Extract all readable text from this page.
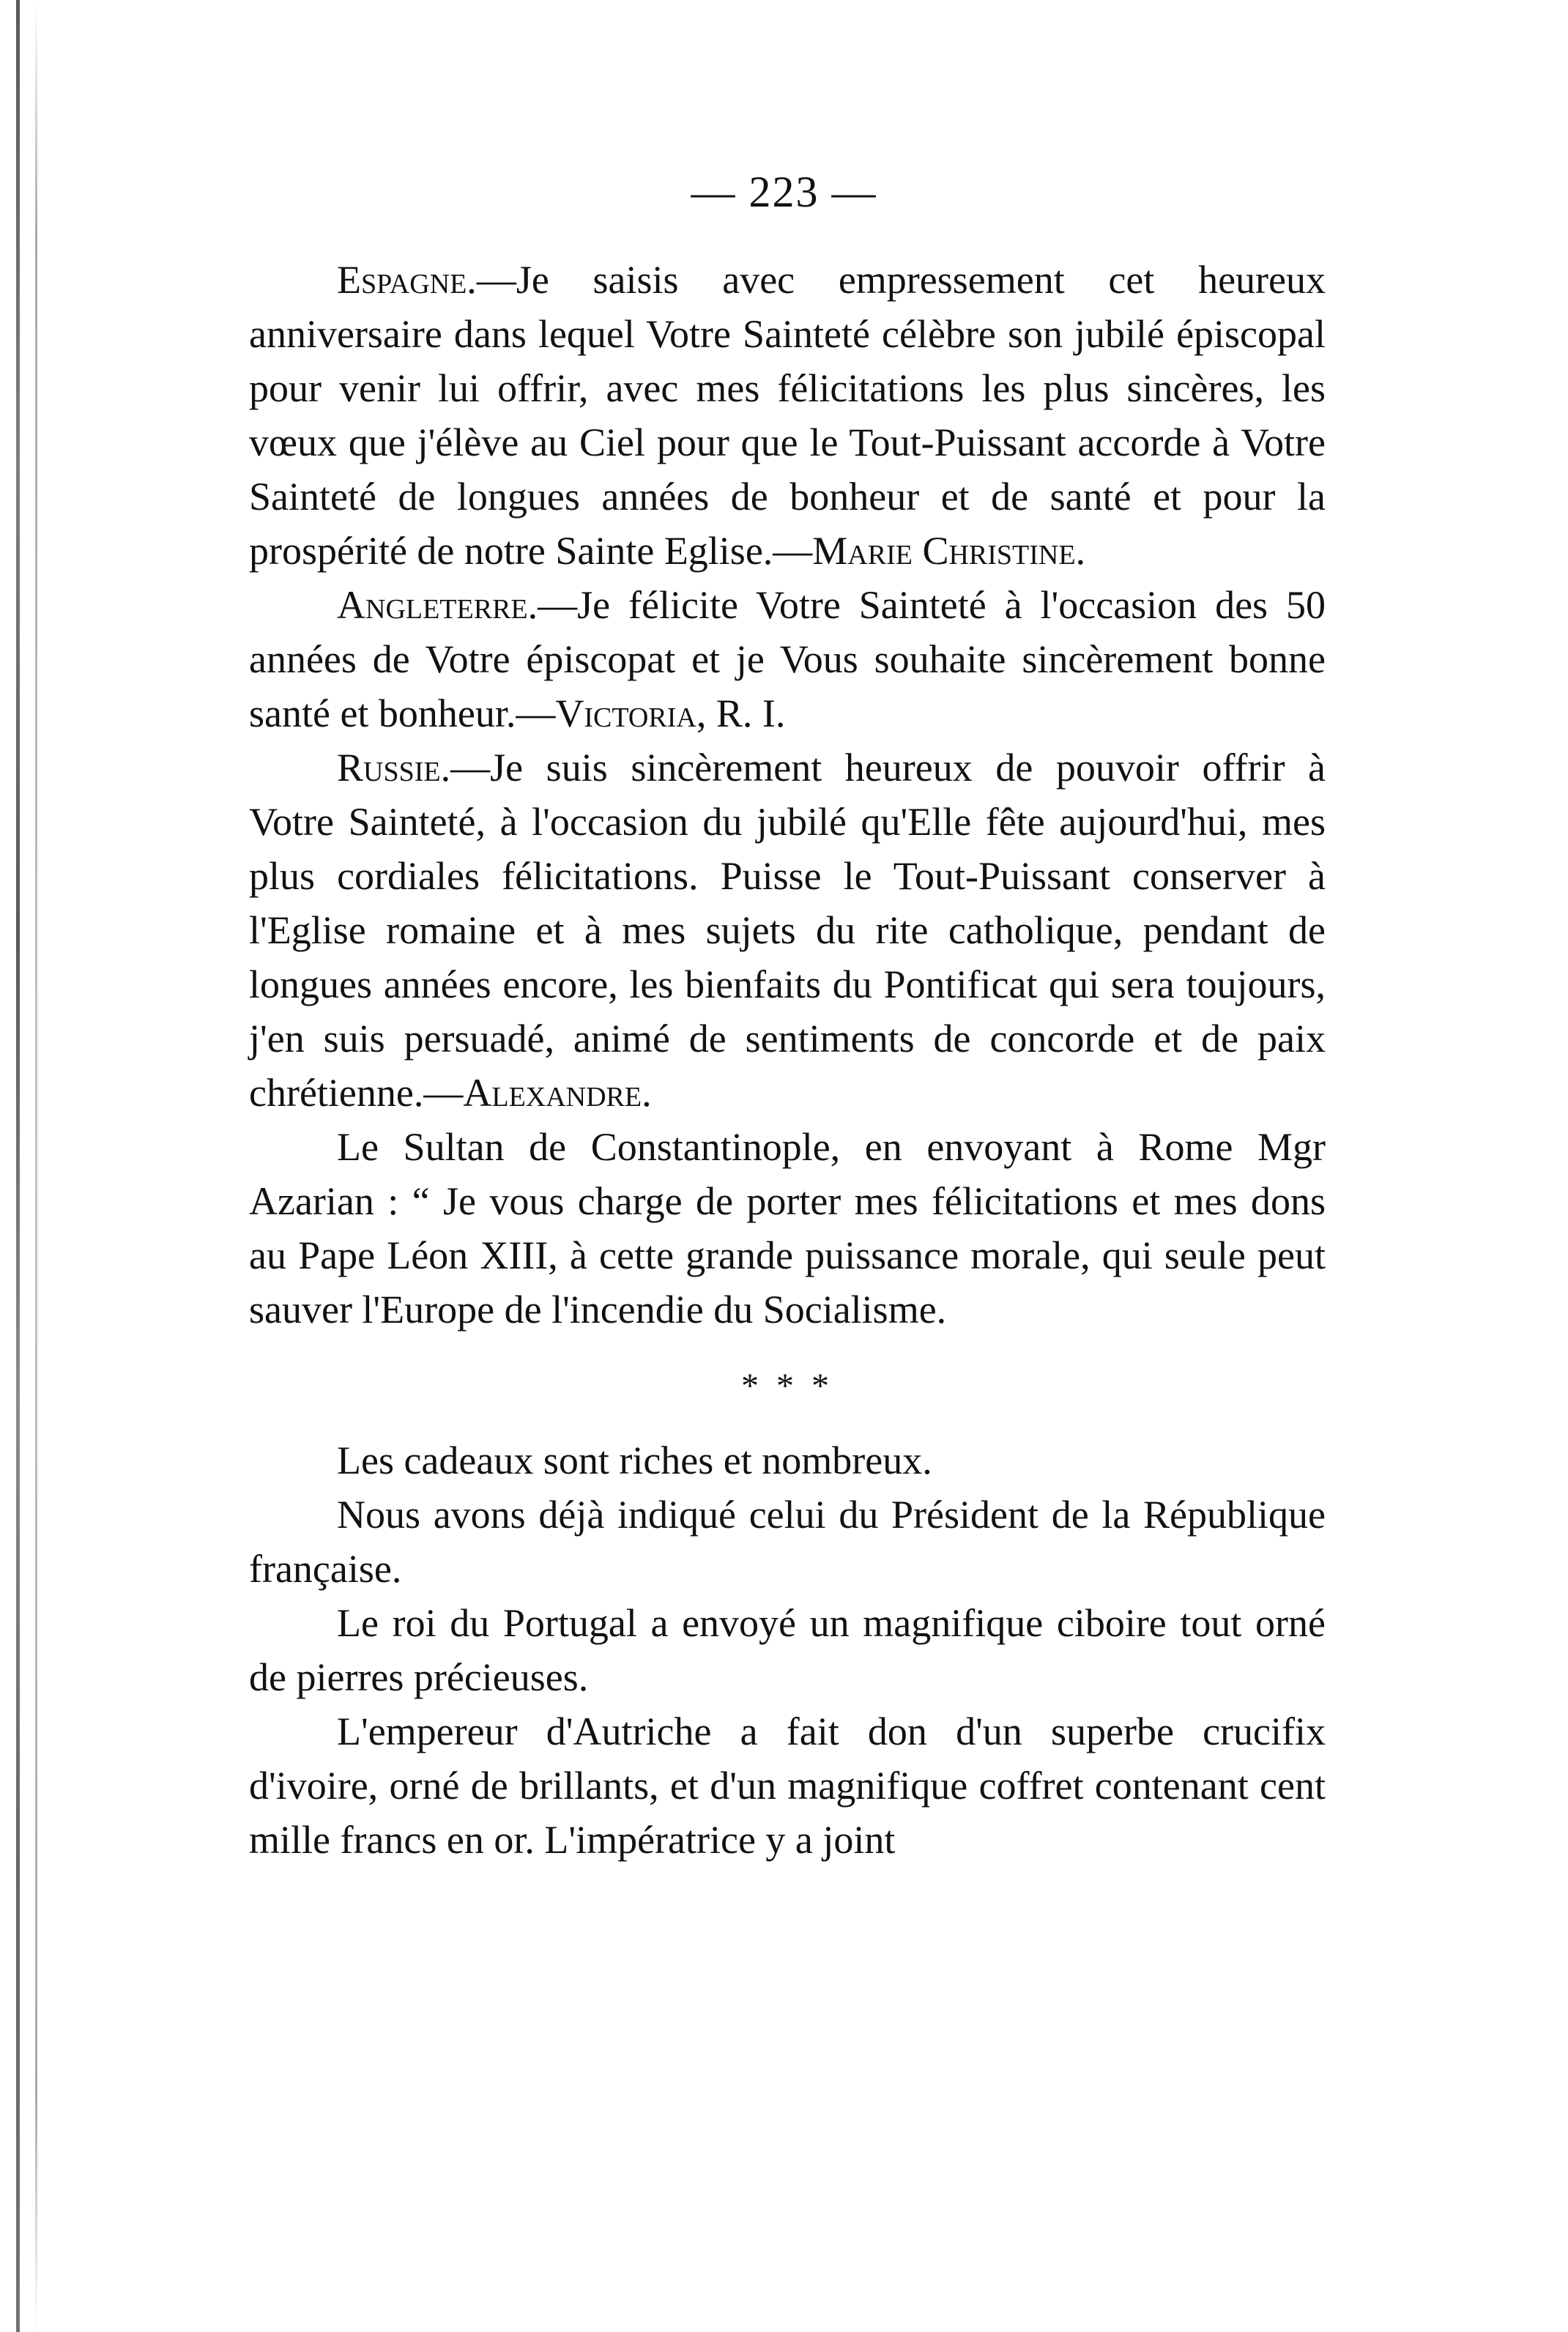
— 223 —

Espagne.—Je saisis avec empressement cet heureux anniversaire dans lequel Votre Sainteté célèbre son jubilé épiscopal pour venir lui offrir, avec mes félicitations les plus sincères, les vœux que j'élève au Ciel pour que le Tout-Puissant accorde à Votre Sainteté de longues années de bonheur et de santé et pour la prospérité de notre Sainte Eglise.—Marie Christine.

Angleterre.—Je félicite Votre Sainteté à l'occasion des 50 années de Votre épiscopat et je Vous souhaite sincèrement bonne santé et bonheur.—Victoria, R. I.

Russie.—Je suis sincèrement heureux de pouvoir offrir à Votre Sainteté, à l'occasion du jubilé qu'Elle fête aujourd'hui, mes plus cordiales félicitations. Puisse le Tout-Puissant conserver à l'Eglise romaine et à mes sujets du rite catholique, pendant de longues années encore, les bienfaits du Pontificat qui sera toujours, j'en suis persuadé, animé de sentiments de concorde et de paix chrétienne.—Alexandre.

Le Sultan de Constantinople, en envoyant à Rome Mgr Azarian : “ Je vous charge de porter mes félicitations et mes dons au Pape Léon XIII, à cette grande puissance morale, qui seule peut sauver l'Europe de l'incendie du Socialisme.

* * *

Les cadeaux sont riches et nombreux.

Nous avons déjà indiqué celui du Président de la République française.

Le roi du Portugal a envoyé un magnifique ciboire tout orné de pierres précieuses.

L'empereur d'Autriche a fait don d'un superbe crucifix d'ivoire, orné de brillants, et d'un magnifique coffret contenant cent mille francs en or. L'impératrice y a joint
